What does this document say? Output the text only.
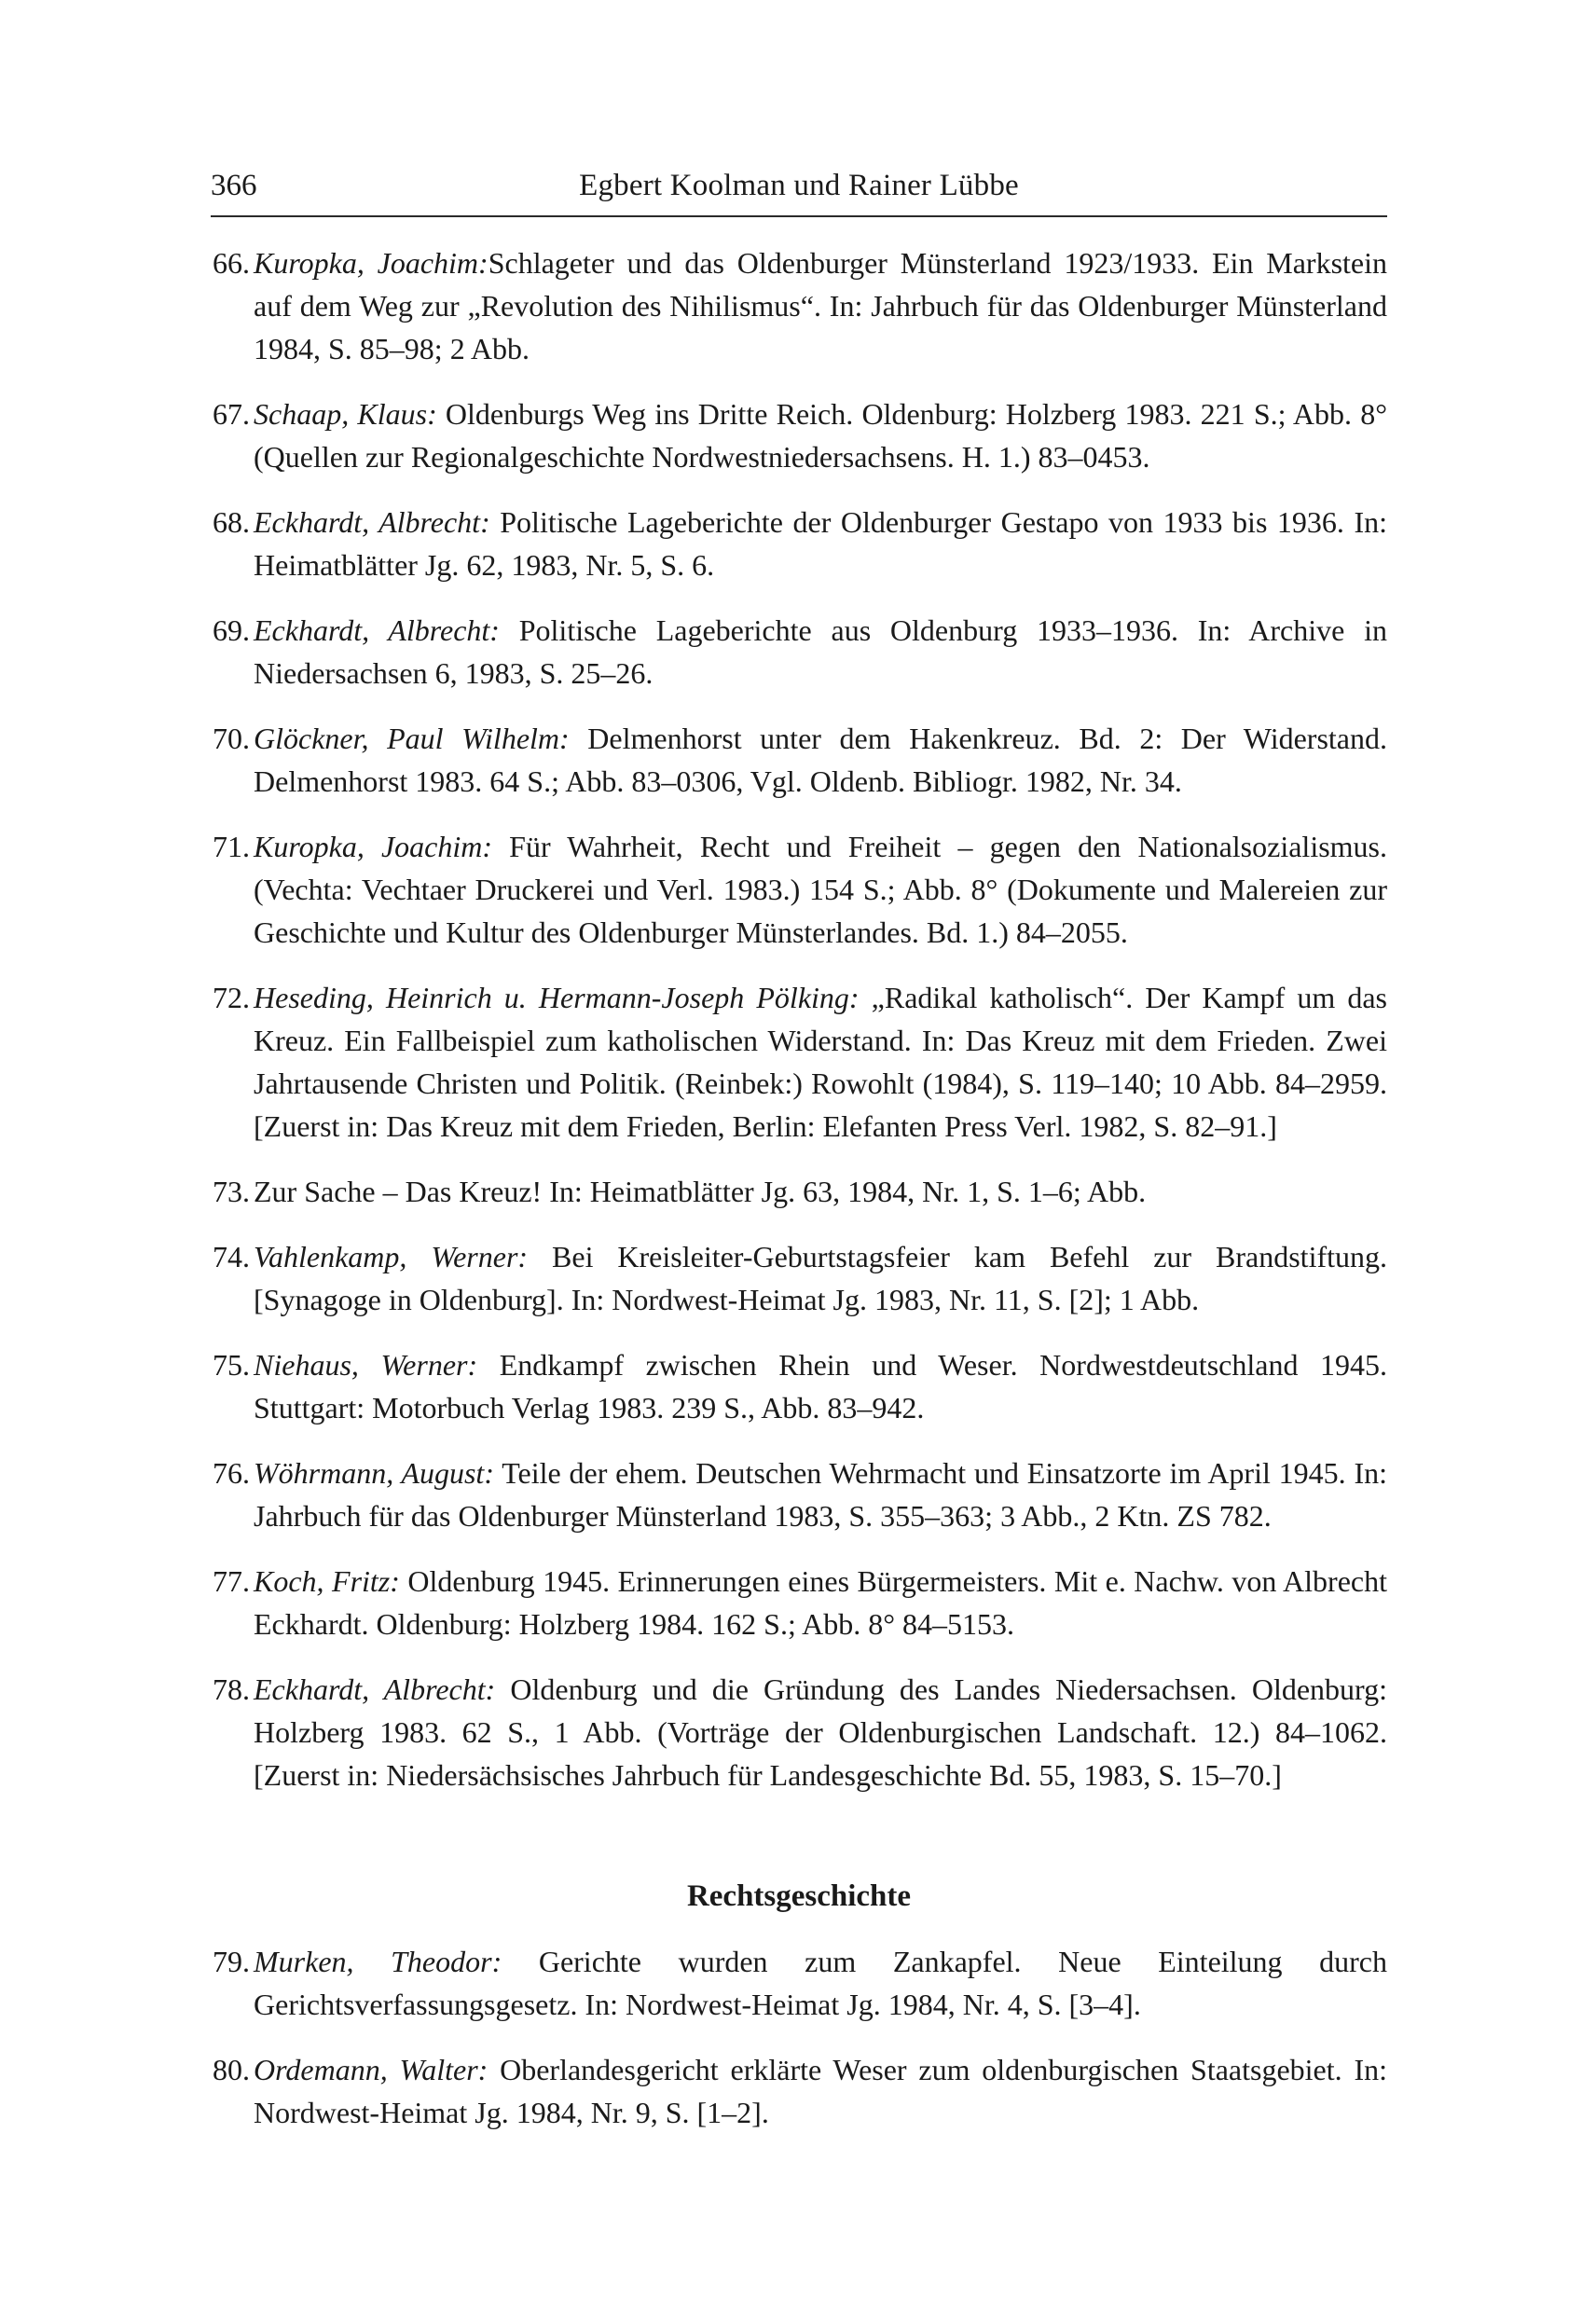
366	Egbert Koolman und Rainer Lübbe
66. Kuropka, Joachim:Schlageter und das Oldenburger Münsterland 1923/1933. Ein Markstein auf dem Weg zur „Revolution des Nihilismus“. In: Jahrbuch für das Oldenburger Münsterland 1984, S. 85–98; 2 Abb.
67. Schaap, Klaus: Oldenburgs Weg ins Dritte Reich. Oldenburg: Holzberg 1983. 221 S.; Abb. 8° (Quellen zur Regionalgeschichte Nordwestniedersachsens. H. 1.) 83–0453.
68. Eckhardt, Albrecht: Politische Lageberichte der Oldenburger Gestapo von 1933 bis 1936. In: Heimatblätter Jg. 62, 1983, Nr. 5, S. 6.
69. Eckhardt, Albrecht: Politische Lageberichte aus Oldenburg 1933–1936. In: Archive in Niedersachsen 6, 1983, S. 25–26.
70. Glöckner, Paul Wilhelm: Delmenhorst unter dem Hakenkreuz. Bd. 2: Der Widerstand. Delmenhorst 1983. 64 S.; Abb. 83–0306, Vgl. Oldenb. Bibliogr. 1982, Nr. 34.
71. Kuropka, Joachim: Für Wahrheit, Recht und Freiheit – gegen den Nationalsozialismus. (Vechta: Vechtaer Druckerei und Verl. 1983.) 154 S.; Abb. 8° (Dokumente und Malereien zur Geschichte und Kultur des Oldenburger Münsterlandes. Bd. 1.) 84–2055.
72. Heseding, Heinrich u. Hermann-Joseph Pölking: „Radikal katholisch“. Der Kampf um das Kreuz. Ein Fallbeispiel zum katholischen Widerstand. In: Das Kreuz mit dem Frieden. Zwei Jahrtausende Christen und Politik. (Reinbek:) Rowohlt (1984), S. 119–140; 10 Abb. 84–2959. [Zuerst in: Das Kreuz mit dem Frieden, Berlin: Elefanten Press Verl. 1982, S. 82–91.]
73. Zur Sache – Das Kreuz! In: Heimatblätter Jg. 63, 1984, Nr. 1, S. 1–6; Abb.
74. Vahlenkamp, Werner: Bei Kreisleiter-Geburtstagsfeier kam Befehl zur Brandstiftung. [Synagoge in Oldenburg]. In: Nordwest-Heimat Jg. 1983, Nr. 11, S. [2]; 1 Abb.
75. Niehaus, Werner: Endkampf zwischen Rhein und Weser. Nordwestdeutschland 1945. Stuttgart: Motorbuch Verlag 1983. 239 S., Abb. 83–942.
76. Wöhrmann, August: Teile der ehem. Deutschen Wehrmacht und Einsatzorte im April 1945. In: Jahrbuch für das Oldenburger Münsterland 1983, S. 355–363; 3 Abb., 2 Ktn. ZS 782.
77. Koch, Fritz: Oldenburg 1945. Erinnerungen eines Bürgermeisters. Mit e. Nachw. von Albrecht Eckhardt. Oldenburg: Holzberg 1984. 162 S.; Abb. 8° 84–5153.
78. Eckhardt, Albrecht: Oldenburg und die Gründung des Landes Niedersachsen. Oldenburg: Holzberg 1983. 62 S., 1 Abb. (Vorträge der Oldenburgischen Landschaft. 12.) 84–1062. [Zuerst in: Niedersächsisches Jahrbuch für Landesgeschichte Bd. 55, 1983, S. 15–70.]
Rechtsgeschichte
79. Murken, Theodor: Gerichte wurden zum Zankapfel. Neue Einteilung durch Gerichtsverfassungsgesetz. In: Nordwest-Heimat Jg. 1984, Nr. 4, S. [3–4].
80. Ordemann, Walter: Oberlandesgericht erklärte Weser zum oldenburgischen Staatsgebiet. In: Nordwest-Heimat Jg. 1984, Nr. 9, S. [1–2].
